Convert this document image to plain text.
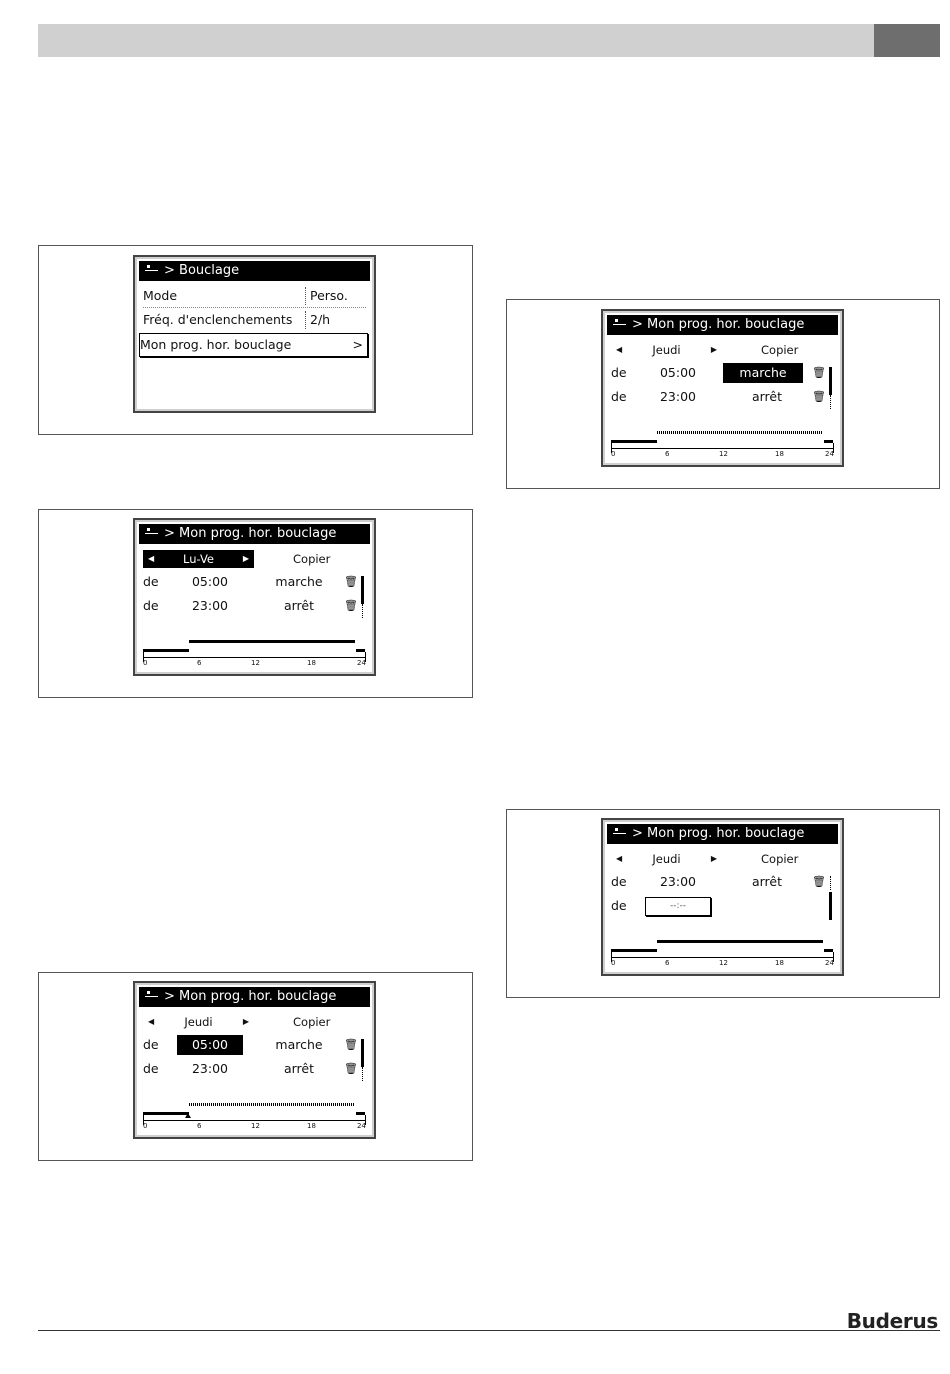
> Bouclage
Mode	Perso.
Fréq. d'enclenchements	2/h
Mon prog. hor. bouclage	>
> Mon prog. hor. bouclage
◀	Lu-Ve	▶	Copier
de	05:00	marche	🗑
de	23:00	arrêt	🗑
0	6	12	18	24
> Mon prog. hor. bouclage
◀	Jeudi	▶	Copier
de	05:00	marche	🗑
de	23:00	arrêt	🗑
0	6	12	18	24
> Mon prog. hor. bouclage
◀	Jeudi	▶	Copier
de	05:00	marche	🗑
de	23:00	arrêt	🗑
0	6	12	18	24
> Mon prog. hor. bouclage
◀	Jeudi	▶	Copier
de	23:00	arrêt	🗑
de	--:--
0	6	12	18	24
Buderus
